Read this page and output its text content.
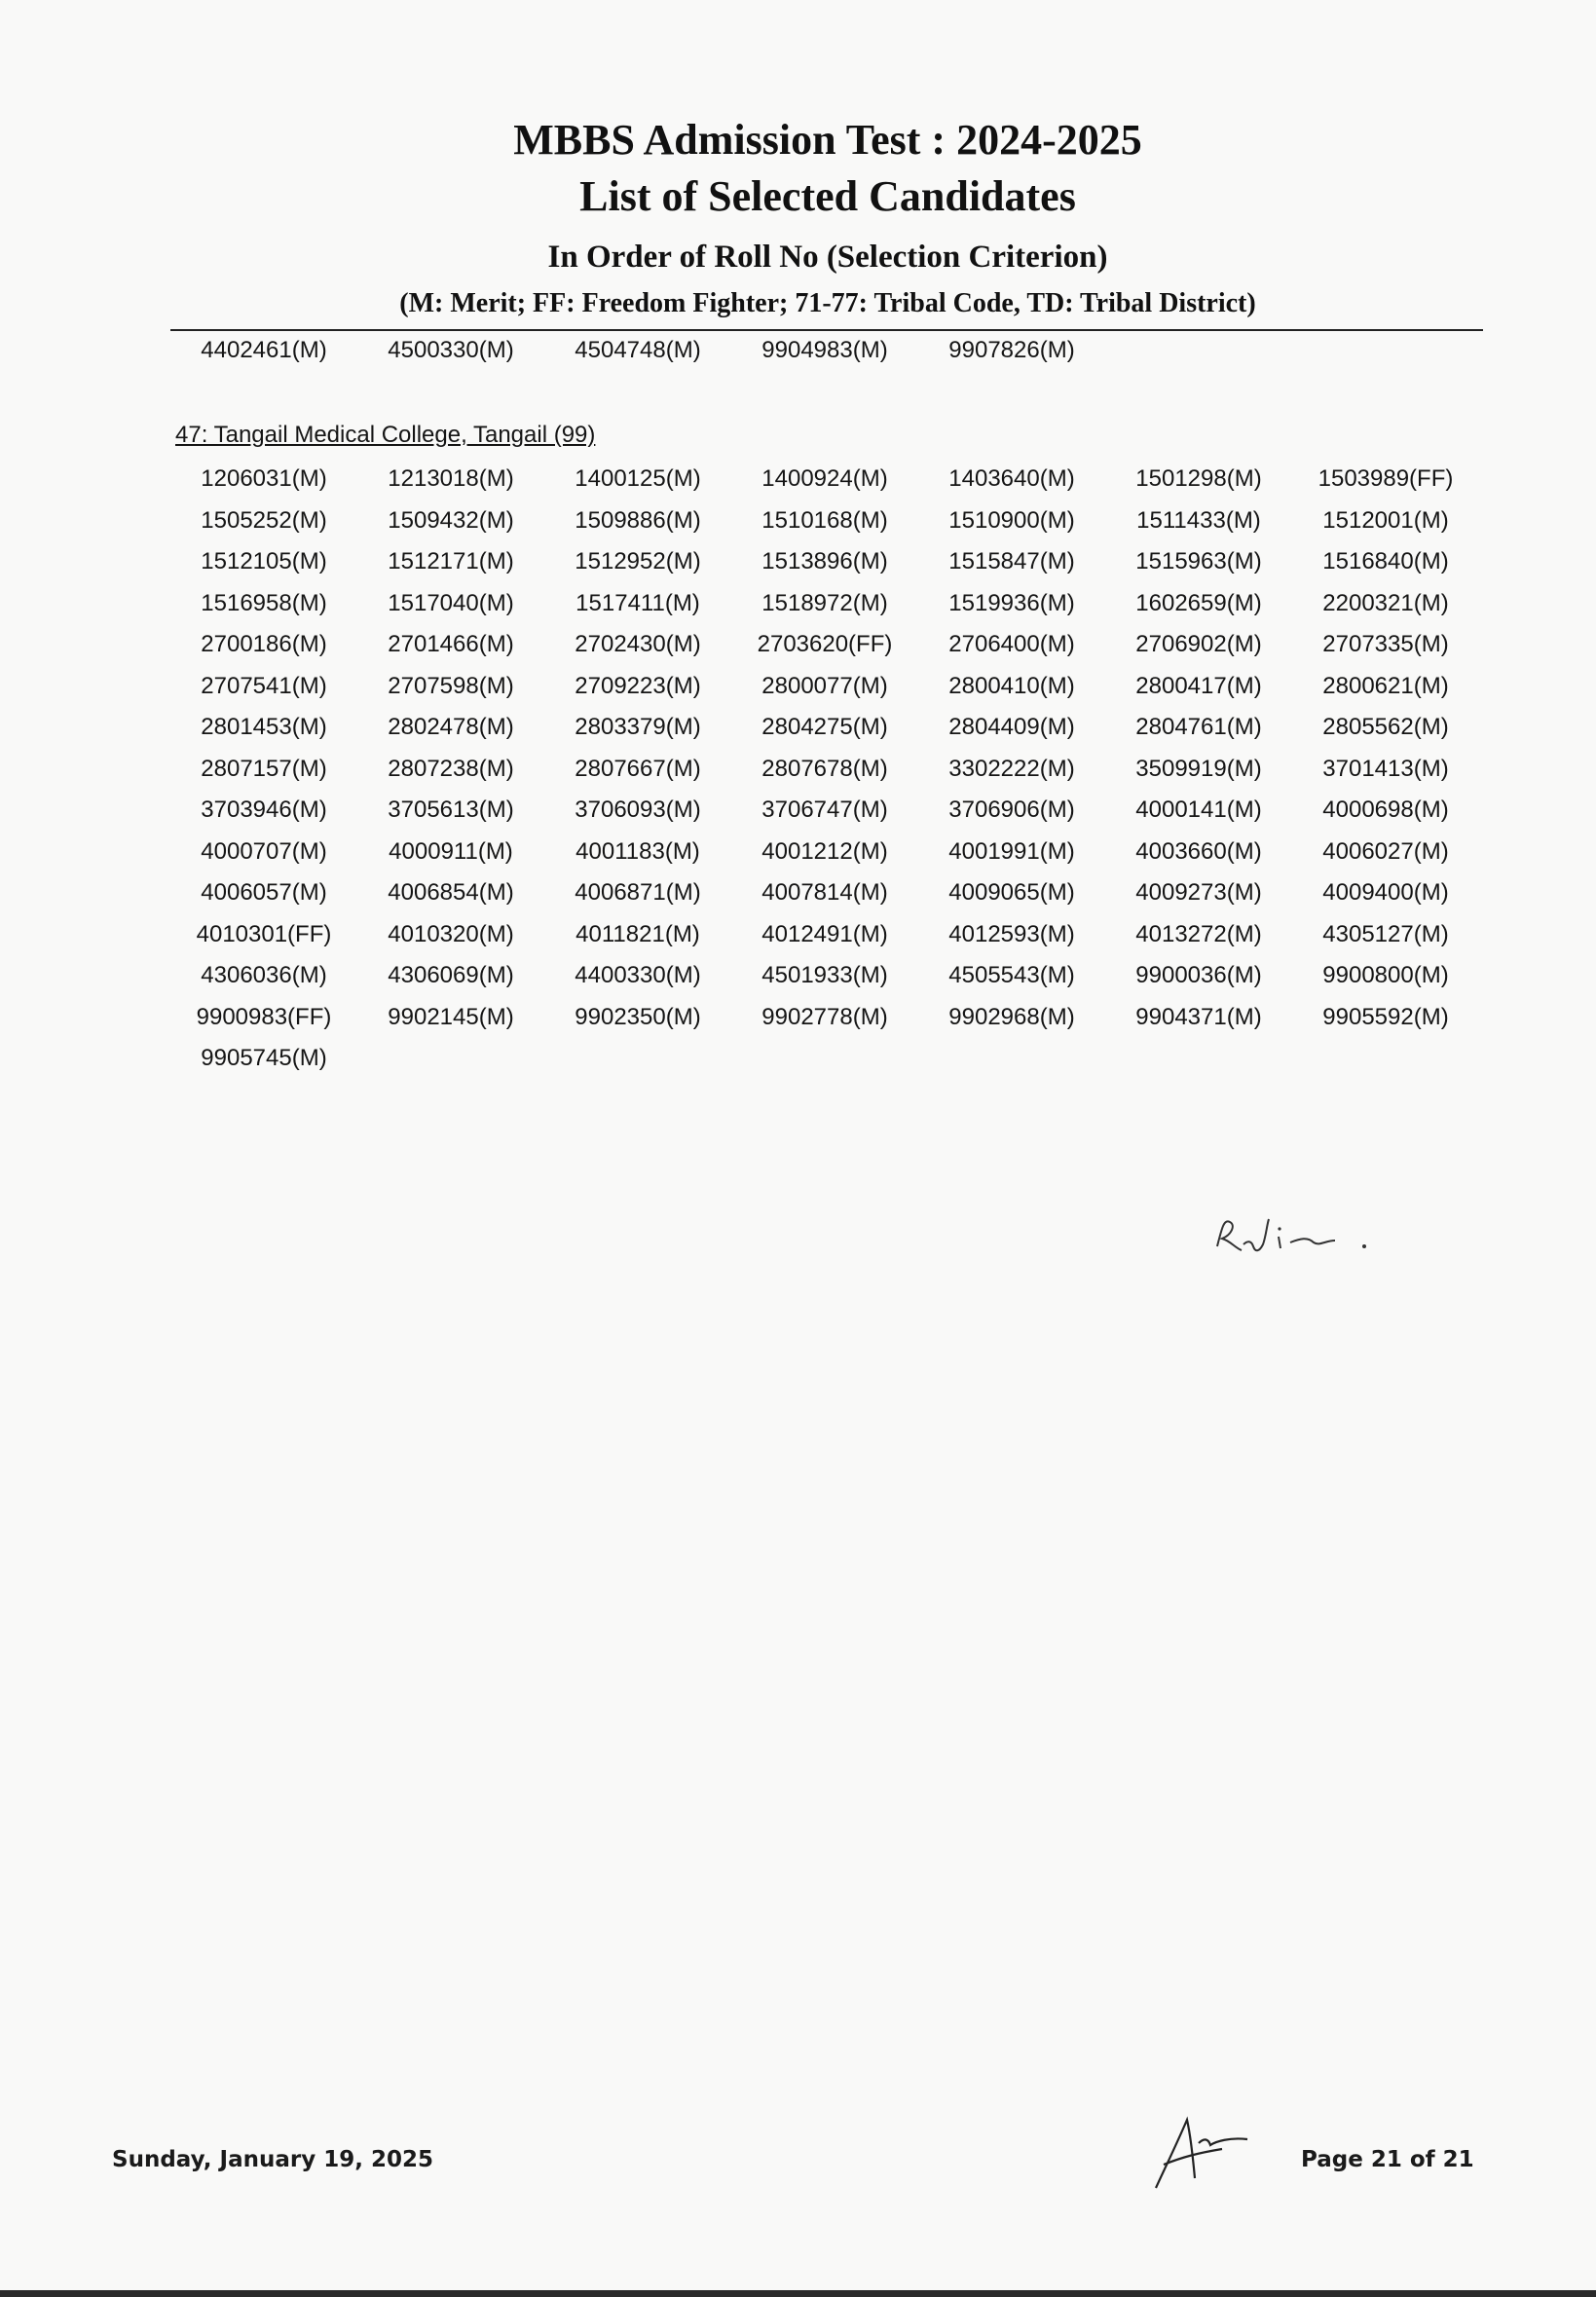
MBBS Admission Test : 2024-2025
List of Selected Candidates
In Order of Roll No (Selection Criterion)
(M: Merit; FF: Freedom Fighter; 71-77: Tribal Code, TD: Tribal District)
4402461(M)	4500330(M)	4504748(M)	9904983(M)	9907826(M)
47: Tangail Medical College, Tangail (99)
1206031(M)	1213018(M)	1400125(M)	1400924(M)	1403640(M)	1501298(M)	1503989(FF)
1505252(M)	1509432(M)	1509886(M)	1510168(M)	1510900(M)	1511433(M)	1512001(M)
1512105(M)	1512171(M)	1512952(M)	1513896(M)	1515847(M)	1515963(M)	1516840(M)
1516958(M)	1517040(M)	1517411(M)	1518972(M)	1519936(M)	1602659(M)	2200321(M)
2700186(M)	2701466(M)	2702430(M)	2703620(FF)	2706400(M)	2706902(M)	2707335(M)
2707541(M)	2707598(M)	2709223(M)	2800077(M)	2800410(M)	2800417(M)	2800621(M)
2801453(M)	2802478(M)	2803379(M)	2804275(M)	2804409(M)	2804761(M)	2805562(M)
2807157(M)	2807238(M)	2807667(M)	2807678(M)	3302222(M)	3509919(M)	3701413(M)
3703946(M)	3705613(M)	3706093(M)	3706747(M)	3706906(M)	4000141(M)	4000698(M)
4000707(M)	4000911(M)	4001183(M)	4001212(M)	4001991(M)	4003660(M)	4006027(M)
4006057(M)	4006854(M)	4006871(M)	4007814(M)	4009065(M)	4009273(M)	4009400(M)
4010301(FF)	4010320(M)	4011821(M)	4012491(M)	4012593(M)	4013272(M)	4305127(M)
4306036(M)	4306069(M)	4400330(M)	4501933(M)	4505543(M)	9900036(M)	9900800(M)
9900983(FF)	9902145(M)	9902350(M)	9902778(M)	9902968(M)	9904371(M)	9905592(M)
9905745(M)
Sunday, January 19, 2025	Page 21 of 21
